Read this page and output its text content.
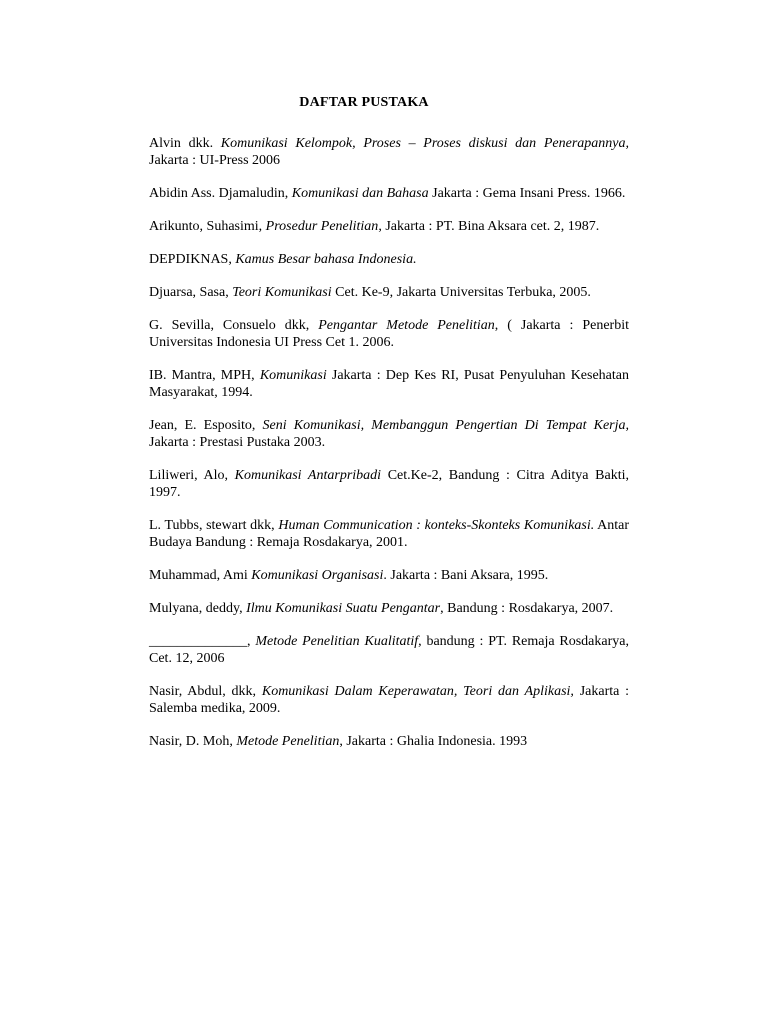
DAFTAR PUSTAKA

Alvin dkk. Komunikasi Kelompok, Proses – Proses diskusi dan Penerapannya, Jakarta : UI-Press 2006

Abidin Ass. Djamaludin, Komunikasi dan Bahasa Jakarta : Gema Insani Press. 1966.

Arikunto, Suhasimi, Prosedur Penelitian, Jakarta : PT. Bina Aksara cet. 2, 1987.

DEPDIKNAS, Kamus Besar bahasa Indonesia.

Djuarsa, Sasa, Teori Komunikasi Cet. Ke-9, Jakarta Universitas Terbuka, 2005.

G. Sevilla, Consuelo dkk, Pengantar Metode Penelitian, ( Jakarta : Penerbit Universitas Indonesia UI Press Cet 1. 2006.

IB. Mantra, MPH, Komunikasi Jakarta : Dep Kes RI, Pusat Penyuluhan Kesehatan Masyarakat, 1994.

Jean, E. Esposito, Seni Komunikasi, Membanggun Pengertian Di Tempat Kerja, Jakarta : Prestasi Pustaka 2003.

Liliweri, Alo, Komunikasi Antarpribadi Cet.Ke-2, Bandung : Citra Aditya Bakti, 1997.

L. Tubbs, stewart dkk, Human Communication : konteks-Skonteks Komunikasi. Antar Budaya Bandung : Remaja Rosdakarya, 2001.

Muhammad, Ami Komunikasi Organisasi. Jakarta : Bani Aksara, 1995.

Mulyana, deddy, Ilmu Komunikasi Suatu Pengantar, Bandung : Rosdakarya, 2007.

______________, Metode Penelitian Kualitatif, bandung : PT. Remaja Rosdakarya, Cet. 12, 2006

Nasir, Abdul, dkk, Komunikasi Dalam Keperawatan, Teori dan Aplikasi, Jakarta : Salemba medika, 2009.

Nasir, D. Moh, Metode Penelitian, Jakarta : Ghalia Indonesia. 1993
